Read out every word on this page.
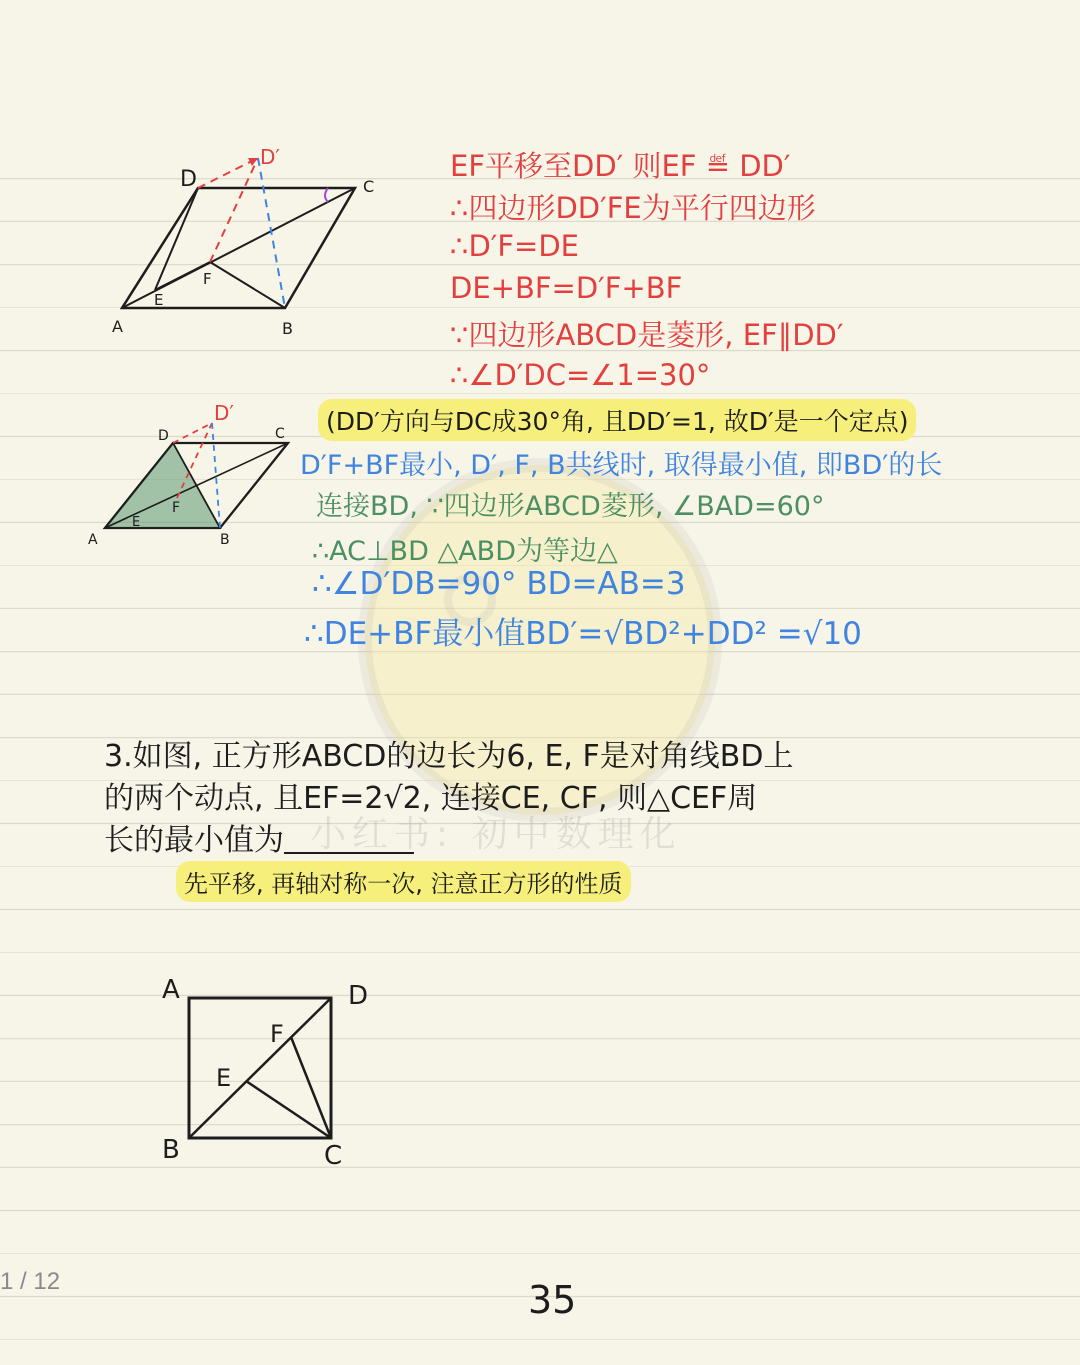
A	B
C
D
D′
E
F
EF平移至DD′ 则EF ≝ DD′
∴四边形DD′FE为平行四边形
∴D′F=DE
DE+BF=D′F+BF
∵四边形ABCD是菱形, EF∥DD′
∴∠D′DC=∠1=30°
A	B
C
D
D′
E
F
(DD′方向与DC成30°角, 且DD′=1, 故D′是一个定点)
D′F+BF最小, D′, F, B共线时, 取得最小值, 即BD′的长
连接BD, ∵四边形ABCD菱形, ∠BAD=60°
∴AC⊥BD △ABD为等边△
∴∠D′DB=90° BD=AB=3
∴DE+BF最小值BD′=√BD²+DD² =√10
小红书: 初中数理化
3.如图, 正方形ABCD的边长为6, E, F是对角线BD上
的两个动点, 且EF=2√2, 连接CE, CF, 则△CEF周
长的最小值为
先平移, 再轴对称一次, 注意正方形的性质
A
B	C
D
E
F
1 / 12	35
